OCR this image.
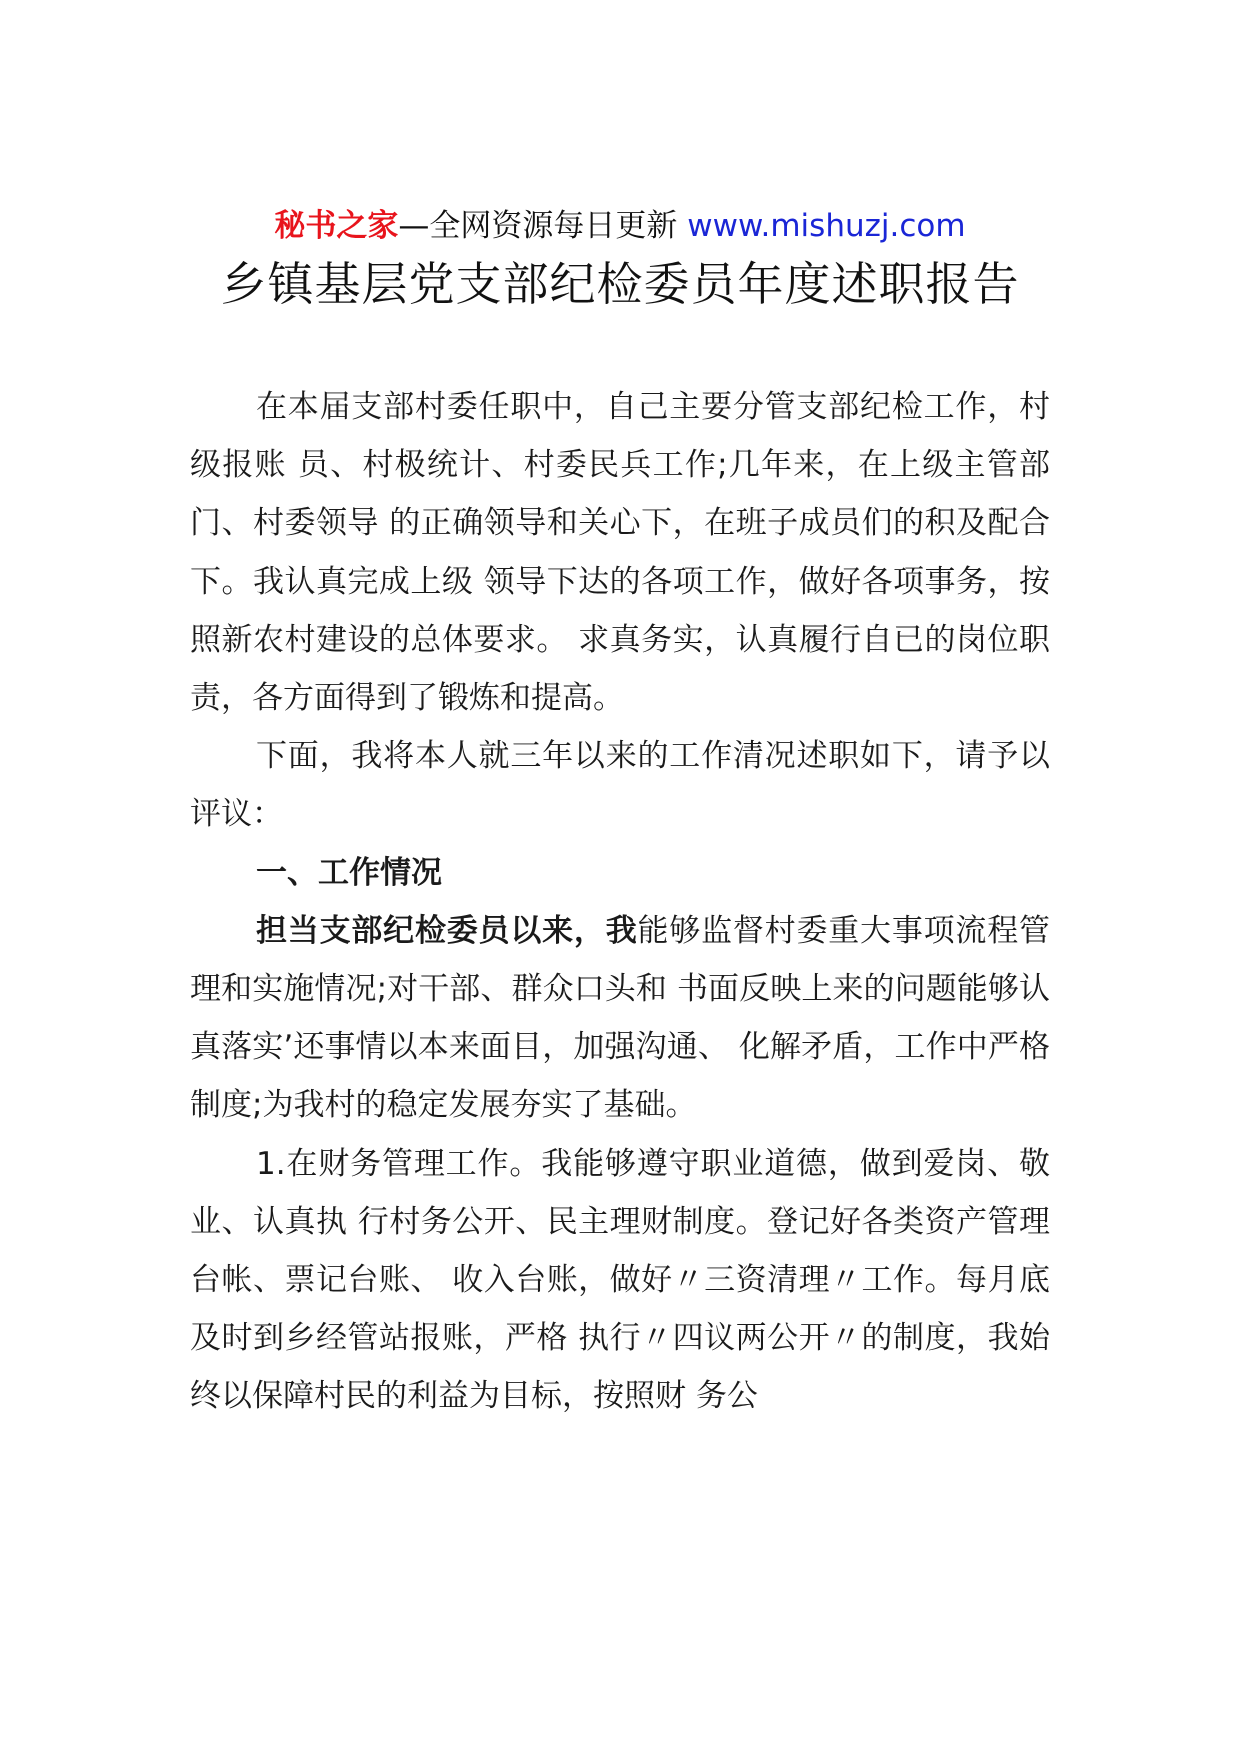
秘书之家—全网资源每日更新 www.mishuzj.com
乡镇基层党支部纪检委员年度述职报告

在本届支部村委任职中，自己主要分管支部纪检工作，村级报账 员、村极统计、村委民兵工作;几年来，在上级主管部门、村委领导 的正确领导和关心下，在班子成员们的积及配合下。我认真完成上级 领导下达的各项工作，做好各项事务，按照新农村建设的总体要求。 求真务实，认真履行自已的岗位职责，各方面得到了锻炼和提高。

下面，我将本人就三年以来的工作清况述职如下，请予以评议：

一、工作情况

担当支部纪检委员以来，我能够监督村委重大事项流程管理和实施情况;对干部、群众口头和 书面反映上来的问题能够认真落实’还事情以本来面目，加强沟通、 化解矛盾，工作中严格制度;为我村的稳定发展夯实了基础。

1.在财务管理工作。我能够遵守职业道德，做到爱岗、敬业、认真执 行村务公开、民主理财制度。登记好各类资产管理台帐、票记台账、 收入台账，做好〃三资清理〃工作。每月底及时到乡经管站报账，严格 执行〃四议两公开〃的制度，我始终以保障村民的利益为目标，按照财 务公
